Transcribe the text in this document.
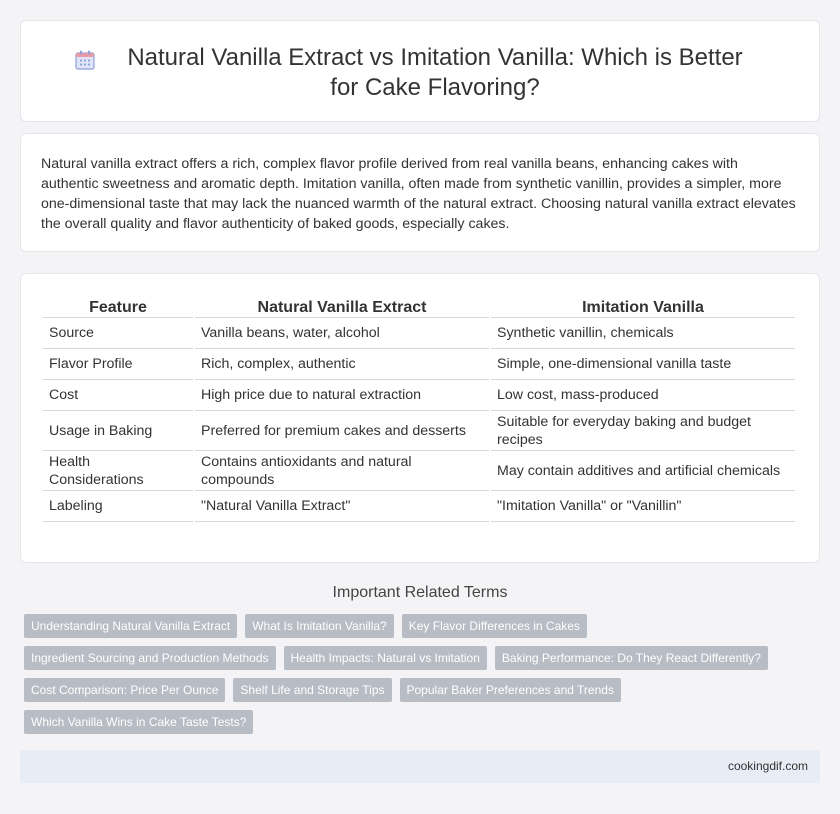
Natural Vanilla Extract vs Imitation Vanilla: Which is Better for Cake Flavoring?

Natural vanilla extract offers a rich, complex flavor profile derived from real vanilla beans, enhancing cakes with authentic sweetness and aromatic depth. Imitation vanilla, often made from synthetic vanillin, provides a simpler, more one-dimensional taste that may lack the nuanced warmth of the natural extract. Choosing natural vanilla extract elevates the overall quality and flavor authenticity of baked goods, especially cakes.

Feature	Natural Vanilla Extract	Imitation Vanilla
Source	Vanilla beans, water, alcohol	Synthetic vanillin, chemicals
Flavor Profile	Rich, complex, authentic	Simple, one-dimensional vanilla taste
Cost	High price due to natural extraction	Low cost, mass-produced
Usage in Baking	Preferred for premium cakes and desserts	Suitable for everyday baking and budget recipes
Health Considerations	Contains antioxidants and natural compounds	May contain additives and artificial chemicals
Labeling	"Natural Vanilla Extract"	"Imitation Vanilla" or "Vanillin"
Important Related Terms
Understanding Natural Vanilla Extract	What Is Imitation Vanilla?	Key Flavor Differences in Cakes
Ingredient Sourcing and Production Methods	Health Impacts: Natural vs Imitation	Baking Performance: Do They React Differently?
Cost Comparison: Price Per Ounce	Shelf Life and Storage Tips	Popular Baker Preferences and Trends
Which Vanilla Wins in Cake Taste Tests?
cookingdif.com
